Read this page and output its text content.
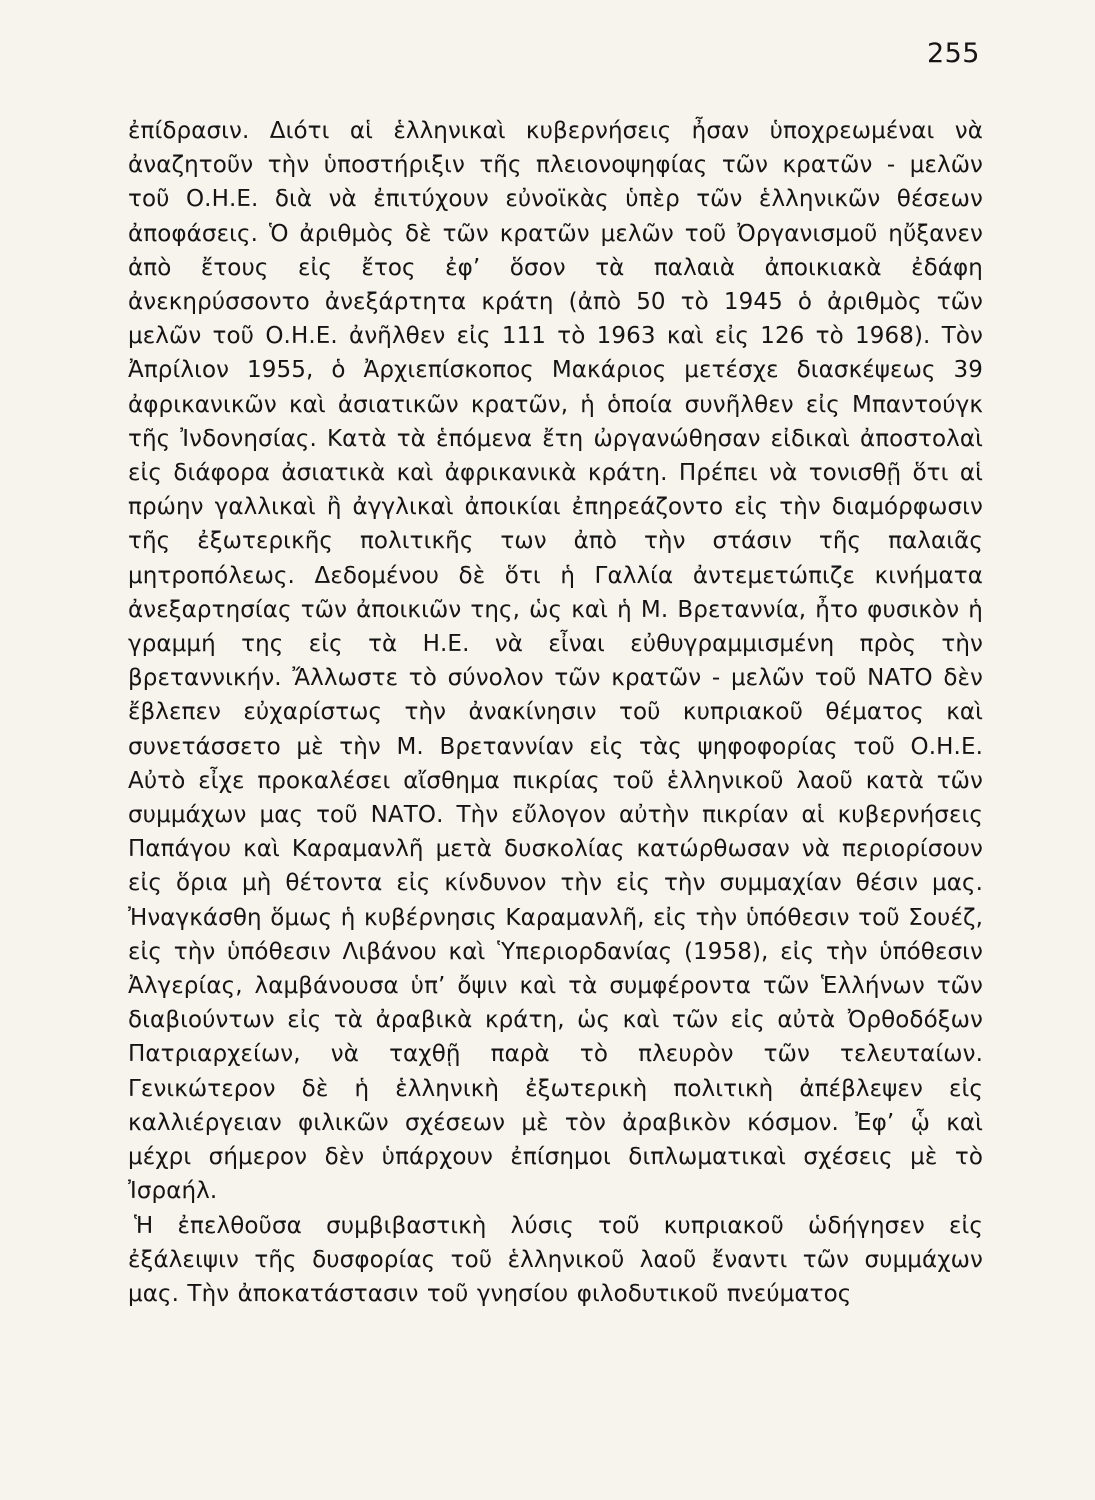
255

ἐπίδρασιν. Διότι αἱ ἑλληνικαὶ κυβερνήσεις ἦσαν ὑποχρεωμέναι νὰ ἀναζητοῦν τὴν ὑποστήριξιν τῆς πλειονοψηφίας τῶν κρατῶν - μελῶν τοῦ Ο.Η.Ε. διὰ νὰ ἐπιτύχουν εὐνοϊκὰς ὑπὲρ τῶν ἑλληνικῶν θέσεων ἀποφάσεις. Ὁ ἀριθμὸς δὲ τῶν κρατῶν μελῶν τοῦ Ὀργανισμοῦ ηὔξανεν ἀπὸ ἔτους εἰς ἔτος ἐφ’ ὅσον τὰ παλαιὰ ἀποικιακὰ ἐδάφη ἀνεκηρύσσοντο ἀνεξάρτητα κράτη (ἀπὸ 50 τὸ 1945 ὁ ἀριθμὸς τῶν μελῶν τοῦ Ο.Η.Ε. ἀνῆλθεν εἰς 111 τὸ 1963 καὶ εἰς 126 τὸ 1968). Τὸν Ἀπρίλιον 1955, ὁ Ἀρχιεπίσκοπος Μακάριος μετέσχε διασκέψεως 39 ἀφρικανικῶν καὶ ἀσιατικῶν κρατῶν, ἡ ὁποία συνῆλθεν εἰς Μπαντούγκ τῆς Ἰνδονησίας. Κατὰ τὰ ἑπόμενα ἔτη ὠργανώθησαν εἰδικαὶ ἀποστολαὶ εἰς διάφορα ἀσιατικὰ καὶ ἀφρικανικὰ κράτη. Πρέπει νὰ τονισθῇ ὅτι αἱ πρώην γαλλικαὶ ἢ ἀγγλικαὶ ἀποικίαι ἐπηρεάζοντο εἰς τὴν διαμόρφωσιν τῆς ἐξωτερικῆς πολιτικῆς των ἀπὸ τὴν στάσιν τῆς παλαιᾶς μητροπόλεως. Δεδομένου δὲ ὅτι ἡ Γαλλία ἀντεμετώπιζε κινήματα ἀνεξαρτησίας τῶν ἀποικιῶν της, ὡς καὶ ἡ Μ. Βρεταννία, ἦτο φυσικὸν ἡ γραμμή της εἰς τὰ Η.Ε. νὰ εἶναι εὐθυγραμμισμένη πρὸς τὴν βρεταννικήν. Ἄλλωστε τὸ σύνολον τῶν κρατῶν - μελῶν τοῦ ΝΑΤΟ δὲν ἔβλεπεν εὐχαρίστως τὴν ἀνακίνησιν τοῦ κυπριακοῦ θέματος καὶ συνετάσσετο μὲ τὴν Μ. Βρεταννίαν εἰς τὰς ψηφοφορίας τοῦ Ο.Η.Ε. Αὐτὸ εἶχε προκαλέσει αἴσθημα πικρίας τοῦ ἑλληνικοῦ λαοῦ κατὰ τῶν συμμάχων μας τοῦ ΝΑΤΟ. Τὴν εὔλογον αὐτὴν πικρίαν αἱ κυβερνήσεις Παπάγου καὶ Καραμανλῆ μετὰ δυσκολίας κατώρθωσαν νὰ περιορίσουν εἰς ὅρια μὴ θέτοντα εἰς κίνδυνον τὴν εἰς τὴν συμμαχίαν θέσιν μας. Ἠναγκάσθη ὅμως ἡ κυβέρνησις Καραμανλῆ, εἰς τὴν ὑπόθεσιν τοῦ Σουέζ, εἰς τὴν ὑπόθεσιν Λιβάνου καὶ Ὑπεριορδανίας (1958), εἰς τὴν ὑπόθεσιν Ἀλγερίας, λαμβάνουσα ὑπ’ ὄψιν καὶ τὰ συμφέροντα τῶν Ἑλλήνων τῶν διαβιούντων εἰς τὰ ἀραβικὰ κράτη, ὡς καὶ τῶν εἰς αὐτὰ Ὀρθοδόξων Πατριαρχείων, νὰ ταχθῇ παρὰ τὸ πλευρὸν τῶν τελευταίων. Γενικώτερον δὲ ἡ ἑλληνικὴ ἐξωτερικὴ πολιτικὴ ἀπέβλεψεν εἰς καλλιέργειαν φιλικῶν σχέσεων μὲ τὸν ἀραβικὸν κόσμον. Ἐφ’ ᾧ καὶ μέχρι σήμερον δὲν ὑπάρχουν ἐπίσημοι διπλωματικαὶ σχέσεις μὲ τὸ Ἰσραήλ.

Ἡ ἐπελθοῦσα συμβιβαστικὴ λύσις τοῦ κυπριακοῦ ὡδήγησεν εἰς ἐξάλειψιν τῆς δυσφορίας τοῦ ἑλληνικοῦ λαοῦ ἔναντι τῶν συμμάχων μας. Τὴν ἀποκατάστασιν τοῦ γνησίου φιλοδυτικοῦ πνεύματος
